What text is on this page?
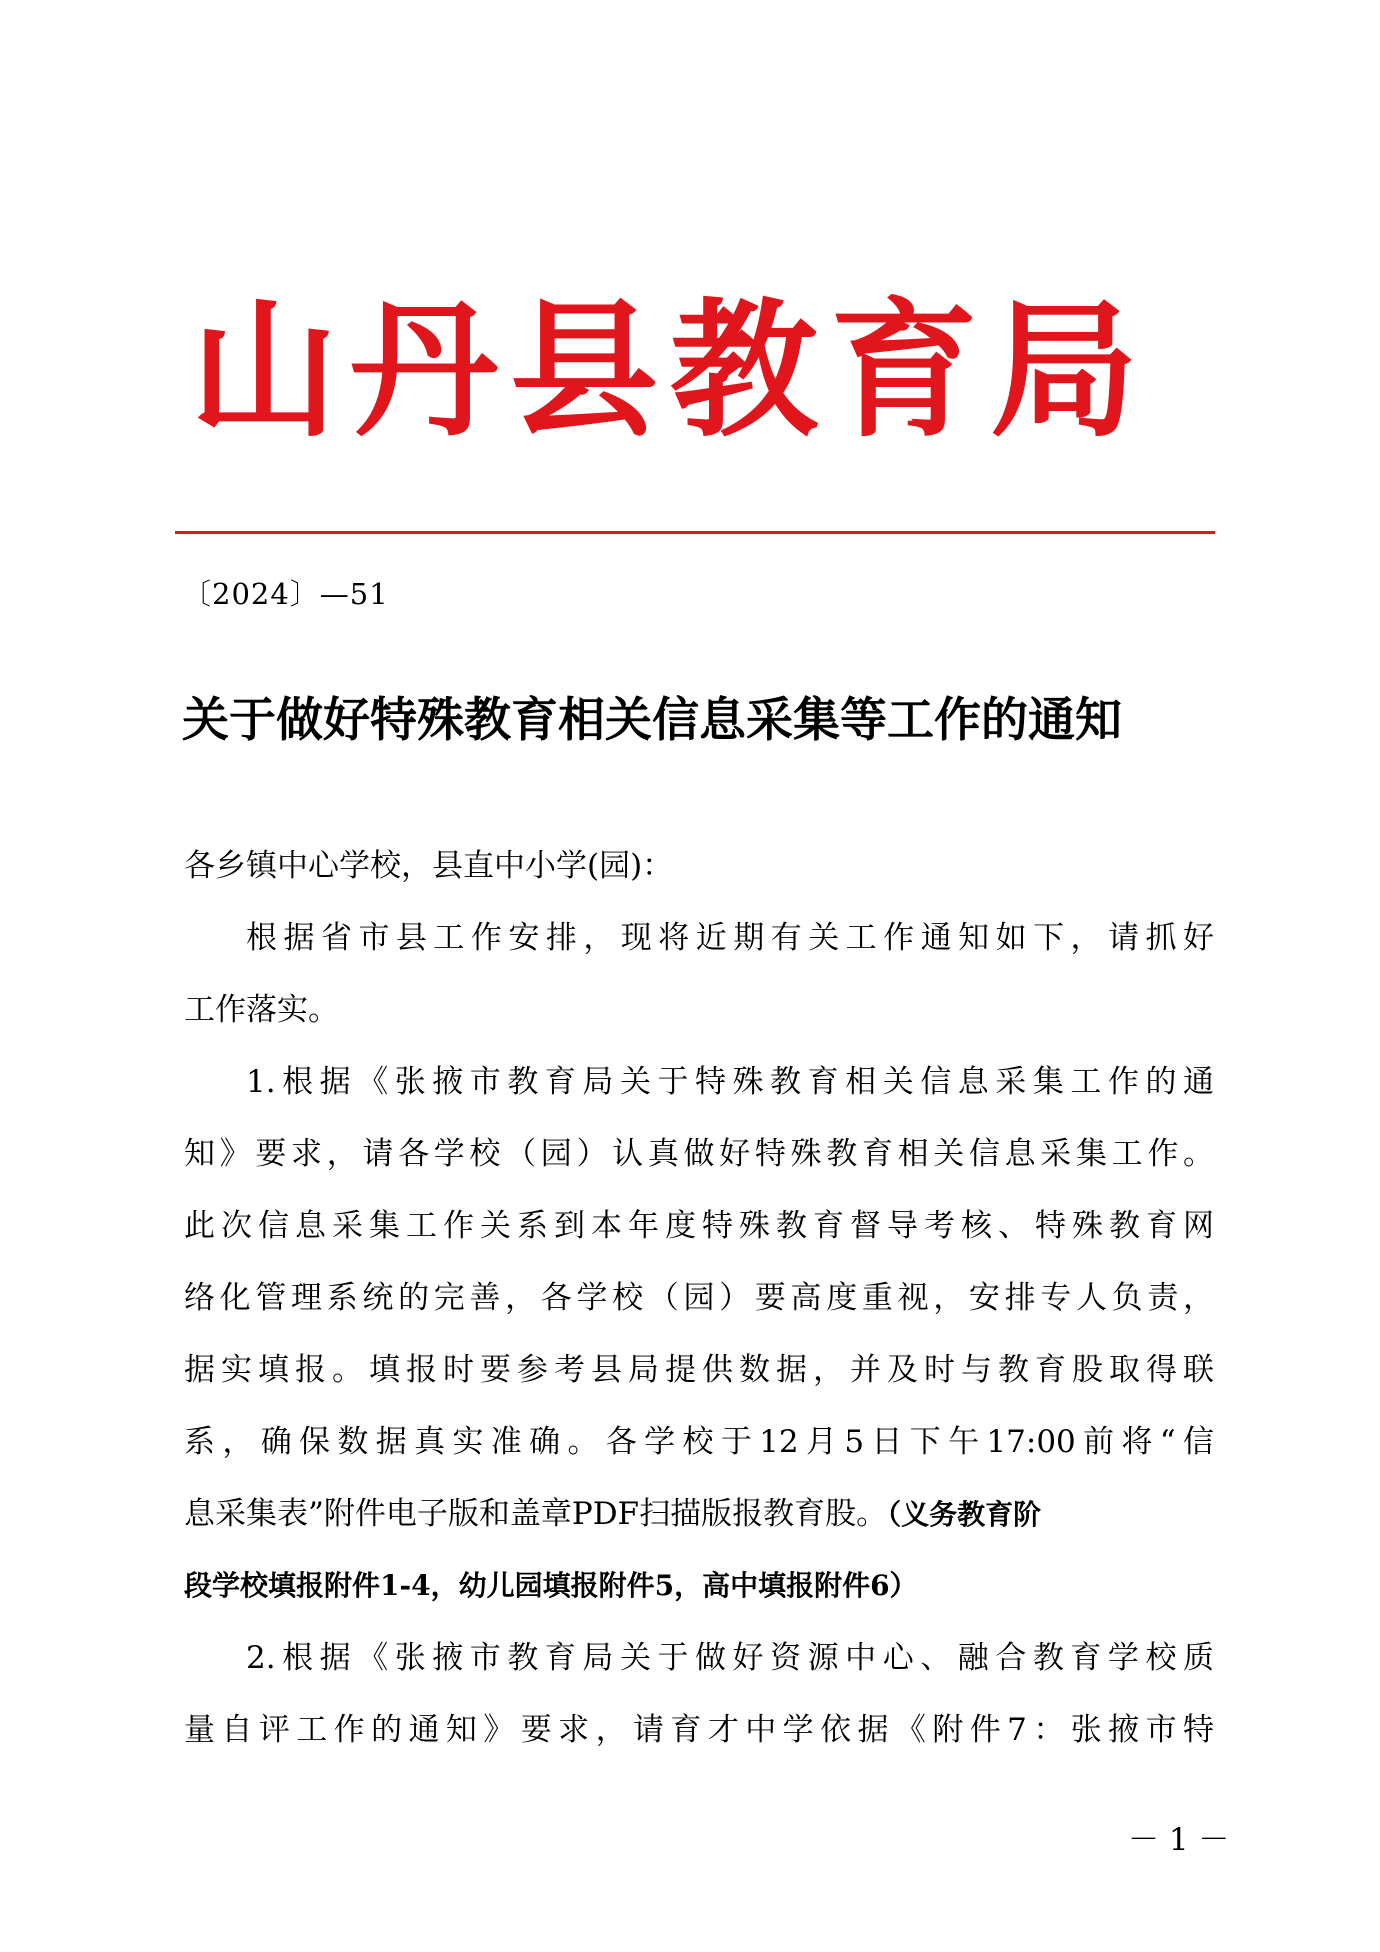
山丹县教育局
〔2024〕—51
关于做好特殊教育相关信息采集等工作的通知
各乡镇中心学校，县直中小学(园)：
根据省市县工作安排，现将近期有关工作通知如下，请抓好
工作落实。
1.根据《张掖市教育局关于特殊教育相关信息采集工作的通
知》要求，请各学校（园）认真做好特殊教育相关信息采集工作。
此次信息采集工作关系到本年度特殊教育督导考核、特殊教育网
络化管理系统的完善，各学校（园）要高度重视，安排专人负责，
据实填报。填报时要参考县局提供数据，并及时与教育股取得联
系，确保数据真实准确。各学校于12月5日下午17:00前将“信
息采集表”附件电子版和盖章PDF扫描版报教育股。（义务教育阶
段学校填报附件1-4，幼儿园填报附件5，高中填报附件6）
2.根据《张掖市教育局关于做好资源中心、融合教育学校质
量自评工作的通知》要求，请育才中学依据《附件7：张掖市特
－ 1 －
